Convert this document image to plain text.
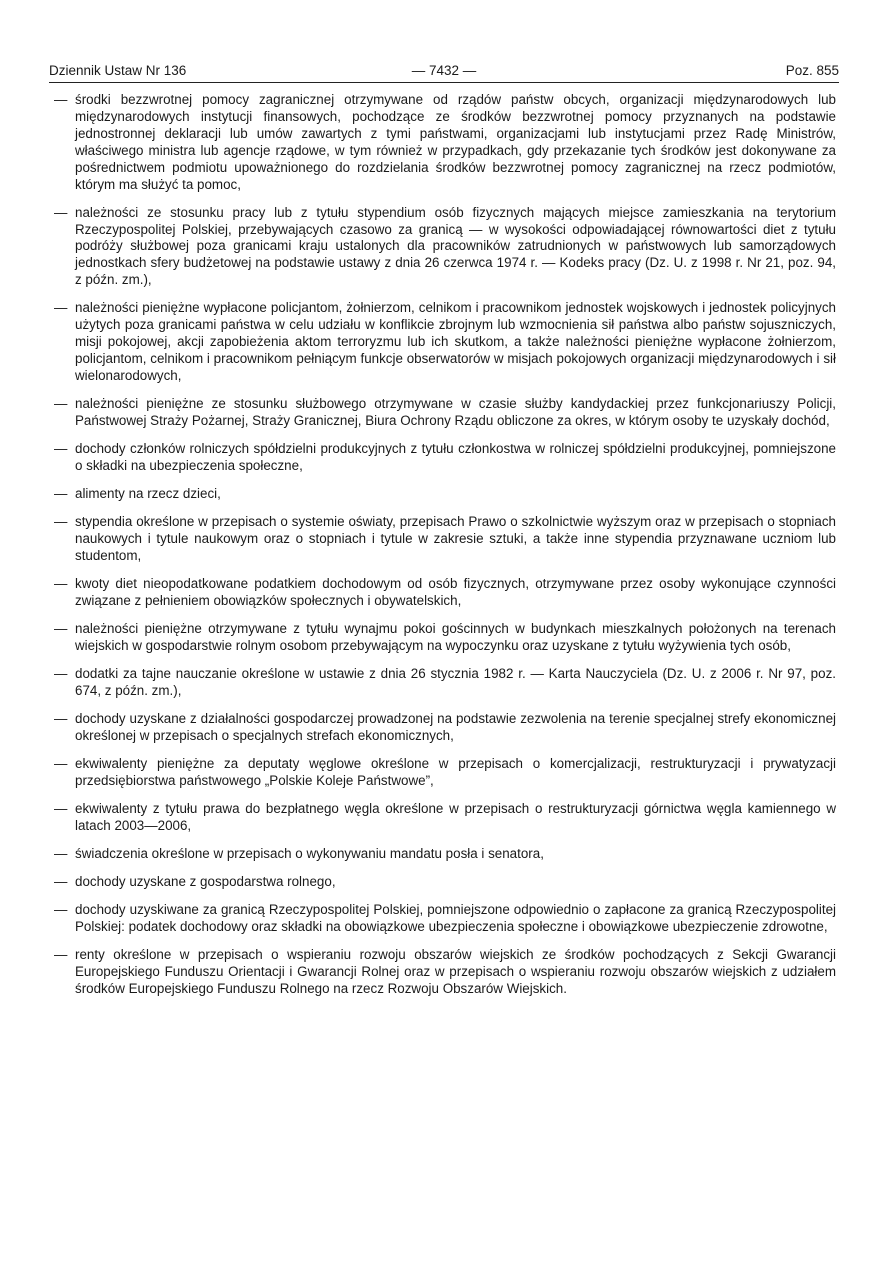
Dziennik Ustaw Nr 136	— 7432 —	Poz. 855
— środki bezzwrotnej pomocy zagranicznej otrzymywane od rządów państw obcych, organizacji międzynarodowych lub międzynarodowych instytucji finansowych, pochodzące ze środków bezzwrotnej pomocy przyznanych na podstawie jednostronnej deklaracji lub umów zawartych z tymi państwami, organizacjami lub instytucjami przez Radę Ministrów, właściwego ministra lub agencje rządowe, w tym również w przypadkach, gdy przekazanie tych środków jest dokonywane za pośrednictwem podmiotu upoważnionego do rozdzielania środków bezzwrotnej pomocy zagranicznej na rzecz podmiotów, którym ma służyć ta pomoc,
— należności ze stosunku pracy lub z tytułu stypendium osób fizycznych mających miejsce zamieszkania na terytorium Rzeczypospolitej Polskiej, przebywających czasowo za granicą — w wysokości odpowiadającej równowartości diet z tytułu podróży służbowej poza granicami kraju ustalonych dla pracowników zatrudnionych w państwowych lub samorządowych jednostkach sfery budżetowej na podstawie ustawy z dnia 26 czerwca 1974 r. — Kodeks pracy (Dz. U. z 1998 r. Nr 21, poz. 94, z późn. zm.),
— należności pieniężne wypłacone policjantom, żołnierzom, celnikom i pracownikom jednostek wojskowych i jednostek policyjnych użytych poza granicami państwa w celu udziału w konflikcie zbrojnym lub wzmocnienia sił państwa albo państw sojuszniczych, misji pokojowej, akcji zapobieżenia aktom terroryzmu lub ich skutkom, a także należności pieniężne wypłacone żołnierzom, policjantom, celnikom i pracownikom pełniącym funkcje obserwatorów w misjach pokojowych organizacji międzynarodowych i sił wielonarodowych,
— należności pieniężne ze stosunku służbowego otrzymywane w czasie służby kandydackiej przez funkcjonariuszy Policji, Państwowej Straży Pożarnej, Straży Granicznej, Biura Ochrony Rządu obliczone za okres, w którym osoby te uzyskały dochód,
— dochody członków rolniczych spółdzielni produkcyjnych z tytułu członkostwa w rolniczej spółdzielni produkcyjnej, pomniejszone o składki na ubezpieczenia społeczne,
— alimenty na rzecz dzieci,
— stypendia określone w przepisach o systemie oświaty, przepisach Prawo o szkolnictwie wyższym oraz w przepisach o stopniach naukowych i tytule naukowym oraz o stopniach i tytule w zakresie sztuki, a także inne stypendia przyznawane uczniom lub studentom,
— kwoty diet nieopodatkowane podatkiem dochodowym od osób fizycznych, otrzymywane przez osoby wykonujące czynności związane z pełnieniem obowiązków społecznych i obywatelskich,
— należności pieniężne otrzymywane z tytułu wynajmu pokoi gościnnych w budynkach mieszkalnych położonych na terenach wiejskich w gospodarstwie rolnym osobom przebywającym na wypoczynku oraz uzyskane z tytułu wyżywienia tych osób,
— dodatki za tajne nauczanie określone w ustawie z dnia 26 stycznia 1982 r. — Karta Nauczyciela (Dz. U. z 2006 r. Nr 97, poz. 674, z późn. zm.),
— dochody uzyskane z działalności gospodarczej prowadzonej na podstawie zezwolenia na terenie specjalnej strefy ekonomicznej określonej w przepisach o specjalnych strefach ekonomicznych,
— ekwiwalenty pieniężne za deputaty węglowe określone w przepisach o komercjalizacji, restrukturyzacji i prywatyzacji przedsiębiorstwa państwowego „Polskie Koleje Państwowe”,
— ekwiwalenty z tytułu prawa do bezpłatnego węgla określone w przepisach o restrukturyzacji górnictwa węgla kamiennego w latach 2003—2006,
— świadczenia określone w przepisach o wykonywaniu mandatu posła i senatora,
— dochody uzyskane z gospodarstwa rolnego,
— dochody uzyskiwane za granicą Rzeczypospolitej Polskiej, pomniejszone odpowiednio o zapłacone za granicą Rzeczypospolitej Polskiej: podatek dochodowy oraz składki na obowiązkowe ubezpieczenia społeczne i obowiązkowe ubezpieczenie zdrowotne,
— renty określone w przepisach o wspieraniu rozwoju obszarów wiejskich ze środków pochodzących z Sekcji Gwarancji Europejskiego Funduszu Orientacji i Gwarancji Rolnej oraz w przepisach o wspieraniu rozwoju obszarów wiejskich z udziałem środków Europejskiego Funduszu Rolnego na rzecz Rozwoju Obszarów Wiejskich.
